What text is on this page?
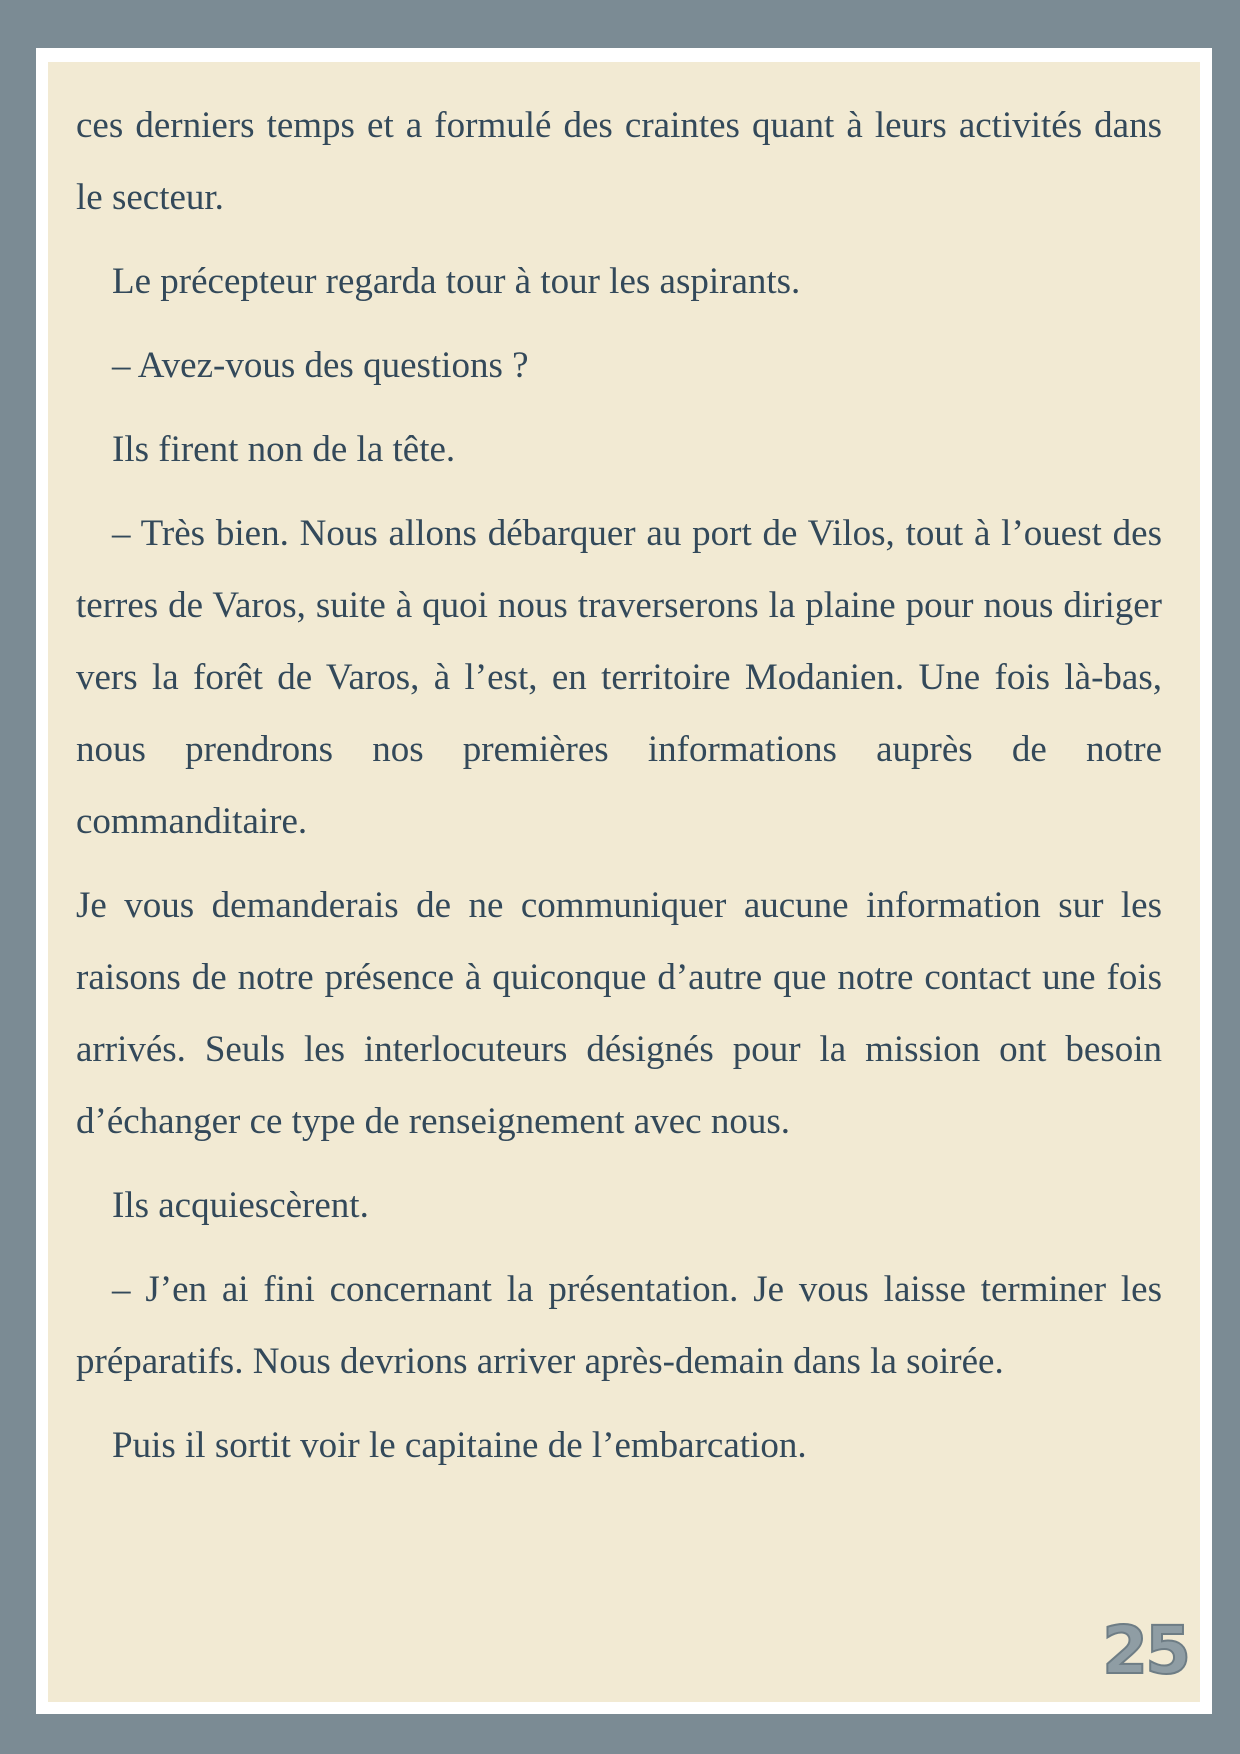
ces derniers temps et a formulé des craintes quant à leurs activités dans le secteur.

Le précepteur regarda tour à tour les aspirants.

– Avez-vous des questions ?

Ils firent non de la tête.

– Très bien. Nous allons débarquer au port de Vilos, tout à l’ouest des terres de Varos, suite à quoi nous traverserons la plaine pour nous diriger vers la forêt de Varos, à l’est, en territoire Modanien. Une fois là-bas, nous prendrons nos premières informations auprès de notre commanditaire.

Je vous demanderais de ne communiquer aucune information sur les raisons de notre présence à quiconque d’autre que notre contact une fois arrivés. Seuls les interlocuteurs désignés pour la mission ont besoin d’échanger ce type de renseignement avec nous.

Ils acquiescèrent.

– J’en ai fini concernant la présentation. Je vous laisse terminer les préparatifs. Nous devrions arriver après-demain dans la soirée.

Puis il sortit voir le capitaine de l’embarcation.

25
